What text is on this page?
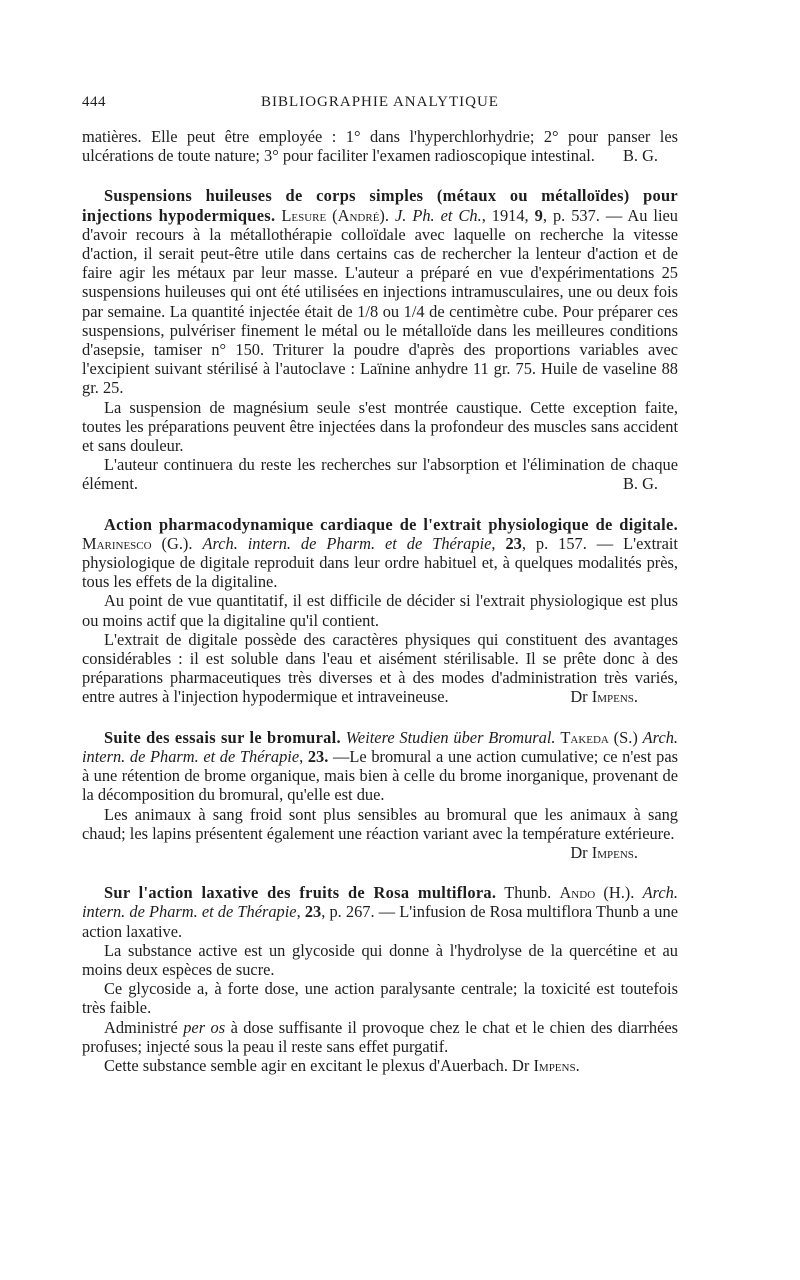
444	BIBLIOGRAPHIE ANALYTIQUE

matières. Elle peut être employée : 1° dans l'hyperchlorhydrie; 2° pour panser les ulcérations de toute nature; 3° pour faciliter l'examen radioscopique intestinal. B. G.

Suspensions huileuses de corps simples (métaux ou métalloïdes) pour injections hypodermiques. Lesure (André). J. Ph. et Ch., 1914, 9, p. 537. — Au lieu d'avoir recours à la métallothérapie colloïdale avec laquelle on recherche la vitesse d'action, il serait peut-être utile dans certains cas de rechercher la lenteur d'action et de faire agir les métaux par leur masse. L'auteur a préparé en vue d'expérimentations 25 suspensions huileuses qui ont été utilisées en injections intramusculaires, une ou deux fois par semaine. La quantité injectée était de 1/8 ou 1/4 de centimètre cube. Pour préparer ces suspensions, pulvériser finement le métal ou le métalloïde dans les meilleures conditions d'asepsie, tamiser n° 150. Triturer la poudre d'après des proportions variables avec l'excipient suivant stérilisé à l'autoclave : Laïnine anhydre 11 gr. 75. Huile de vaseline 88 gr. 25.

La suspension de magnésium seule s'est montrée caustique. Cette exception faite, toutes les préparations peuvent être injectées dans la profondeur des muscles sans accident et sans douleur.

L'auteur continuera du reste les recherches sur l'absorption et l'élimination de chaque élément.	B. G.

Action pharmacodynamique cardiaque de l'extrait physiologique de digitale. Marinesco (G.). Arch. intern. de Pharm. et de Thérapie, 23, p. 157. — L'extrait physiologique de digitale reproduit dans leur ordre habituel et, à quelques modalités près, tous les effets de la digitaline.

Au point de vue quantitatif, il est difficile de décider si l'extrait physiologique est plus ou moins actif que la digitaline qu'il contient.

L'extrait de digitale possède des caractères physiques qui constituent des avantages considérables : il est soluble dans l'eau et aisément stérilisable. Il se prête donc à des préparations pharmaceutiques très diverses et à des modes d'administration très variés, entre autres à l'injection hypodermique et intraveineuse.	Dr Impens.

Suite des essais sur le bromural. Weitere Studien über Bromural. Takeda (S.) Arch. intern. de Pharm. et de Thérapie, 23. —Le bromural a une action cumulative; ce n'est pas à une rétention de brome organique, mais bien à celle du brome inorganique, provenant de la décomposition du bromural, qu'elle est due.

Les animaux à sang froid sont plus sensibles au bromural que les animaux à sang chaud; les lapins présentent également une réaction variant avec la température extérieure.
Dr Impens.

Sur l'action laxative des fruits de Rosa multiflora. Thunb. Ando (H.). Arch. intern. de Pharm. et de Thérapie, 23, p. 267. — L'infusion de Rosa multiflora Thunb a une action laxative.

La substance active est un glycoside qui donne à l'hydrolyse de la quercétine et au moins deux espèces de sucre.

Ce glycoside a, à forte dose, une action paralysante centrale; la toxicité est toutefois très faible.

Administré per os à dose suffisante il provoque chez le chat et le chien des diarrhées profuses; injecté sous la peau il reste sans effet purgatif.

Cette substance semble agir en excitant le plexus d'Auerbach. Dr Impens.
